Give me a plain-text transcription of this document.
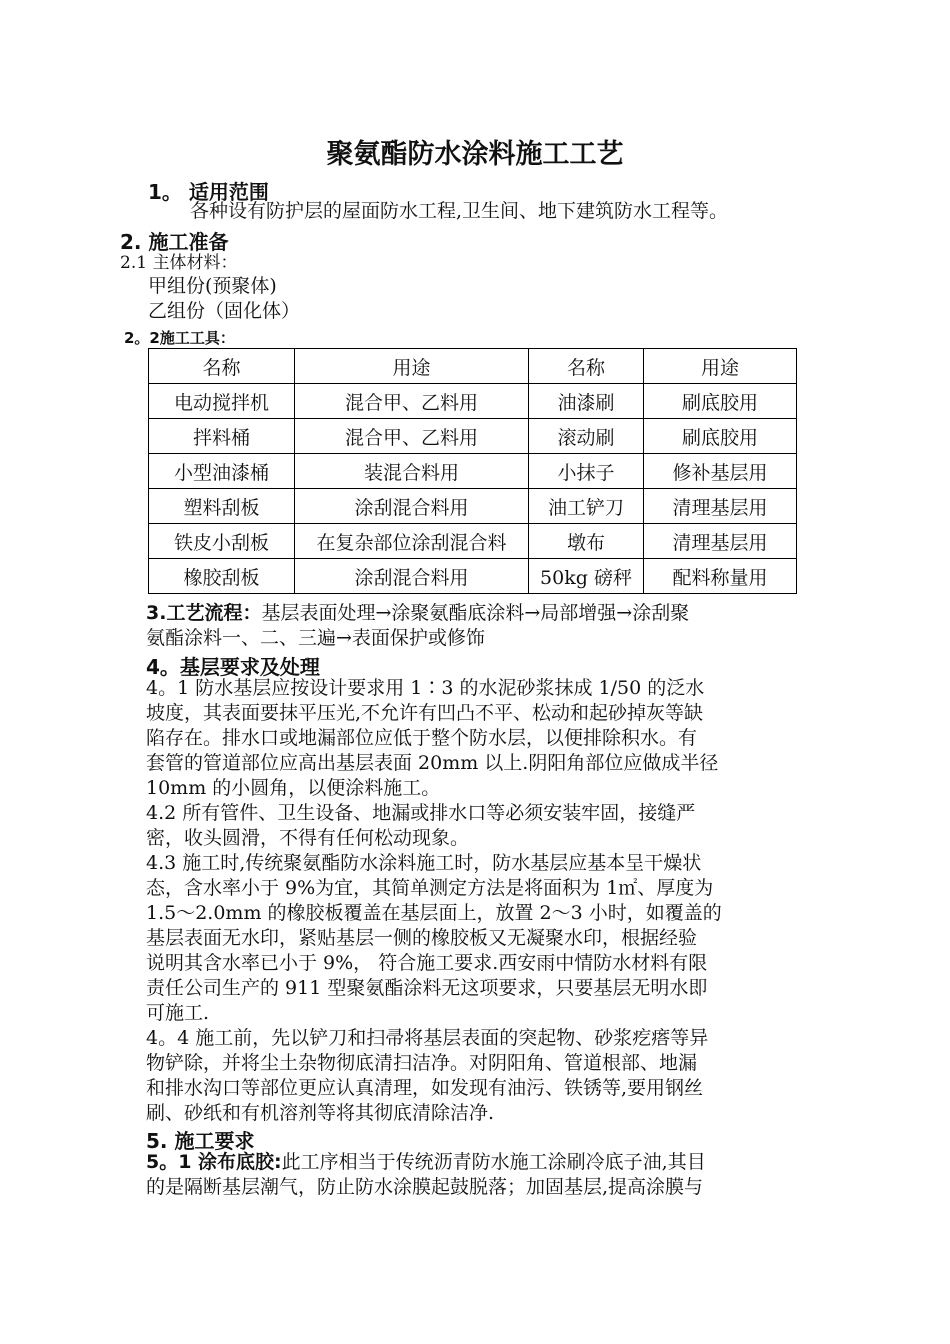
聚氨酯防水涂料施工工艺
1。 适用范围
各种设有防护层的屋面防水工程,卫生间、地下建筑防水工程等。
2. 施工准备
2.1 主体材料：
甲组份(预聚体)
乙组份（固化体）
2。2施工工具：
名称	用途	名称	用途
电动搅拌机	混合甲、乙料用	油漆刷	刷底胶用
拌料桶	混合甲、乙料用	滚动刷	刷底胶用
小型油漆桶	装混合料用	小抹子	修补基层用
塑料刮板	涂刮混合料用	油工铲刀	清理基层用
铁皮小刮板	在复杂部位涂刮混合料	墩布	清理基层用
橡胶刮板	涂刮混合料用	50kg 磅秤	配料称量用
3.工艺流程：基层表面处理→涂聚氨酯底涂料→局部增强→涂刮聚
氨酯涂料一、二、三遍→表面保护或修饰
4。基层要求及处理
4。1 防水基层应按设计要求用 1∶3 的水泥砂浆抹成 1/50 的泛水
坡度，其表面要抹平压光,不允许有凹凸不平、松动和起砂掉灰等缺
陷存在。排水口或地漏部位应低于整个防水层，以便排除积水。有
套管的管道部位应高出基层表面 20mm 以上.阴阳角部位应做成半径
10mm 的小圆角，以便涂料施工。
4.2 所有管件、卫生设备、地漏或排水口等必须安装牢固，接缝严
密，收头圆滑，不得有任何松动现象。
4.3 施工时,传统聚氨酯防水涂料施工时，防水基层应基本呈干燥状
态，含水率小于 9%为宜，其简单测定方法是将面积为 1㎡、厚度为
1.5～2.0mm 的橡胶板覆盖在基层面上，放置 2～3 小时，如覆盖的
基层表面无水印，紧贴基层一侧的橡胶板又无凝聚水印，根据经验
说明其含水率已小于 9%， 符合施工要求.西安雨中情防水材料有限
责任公司生产的 911 型聚氨酯涂料无这项要求，只要基层无明水即
可施工.
4。4 施工前，先以铲刀和扫帚将基层表面的突起物、砂浆疙瘩等异
物铲除，并将尘土杂物彻底清扫洁净。对阴阳角、管道根部、地漏
和排水沟口等部位更应认真清理，如发现有油污、铁锈等,要用钢丝
刷、砂纸和有机溶剂等将其彻底清除洁净.
5. 施工要求
5。1 涂布底胶:此工序相当于传统沥青防水施工涂刷冷底子油,其目
的是隔断基层潮气，防止防水涂膜起鼓脱落；加固基层,提高涂膜与
